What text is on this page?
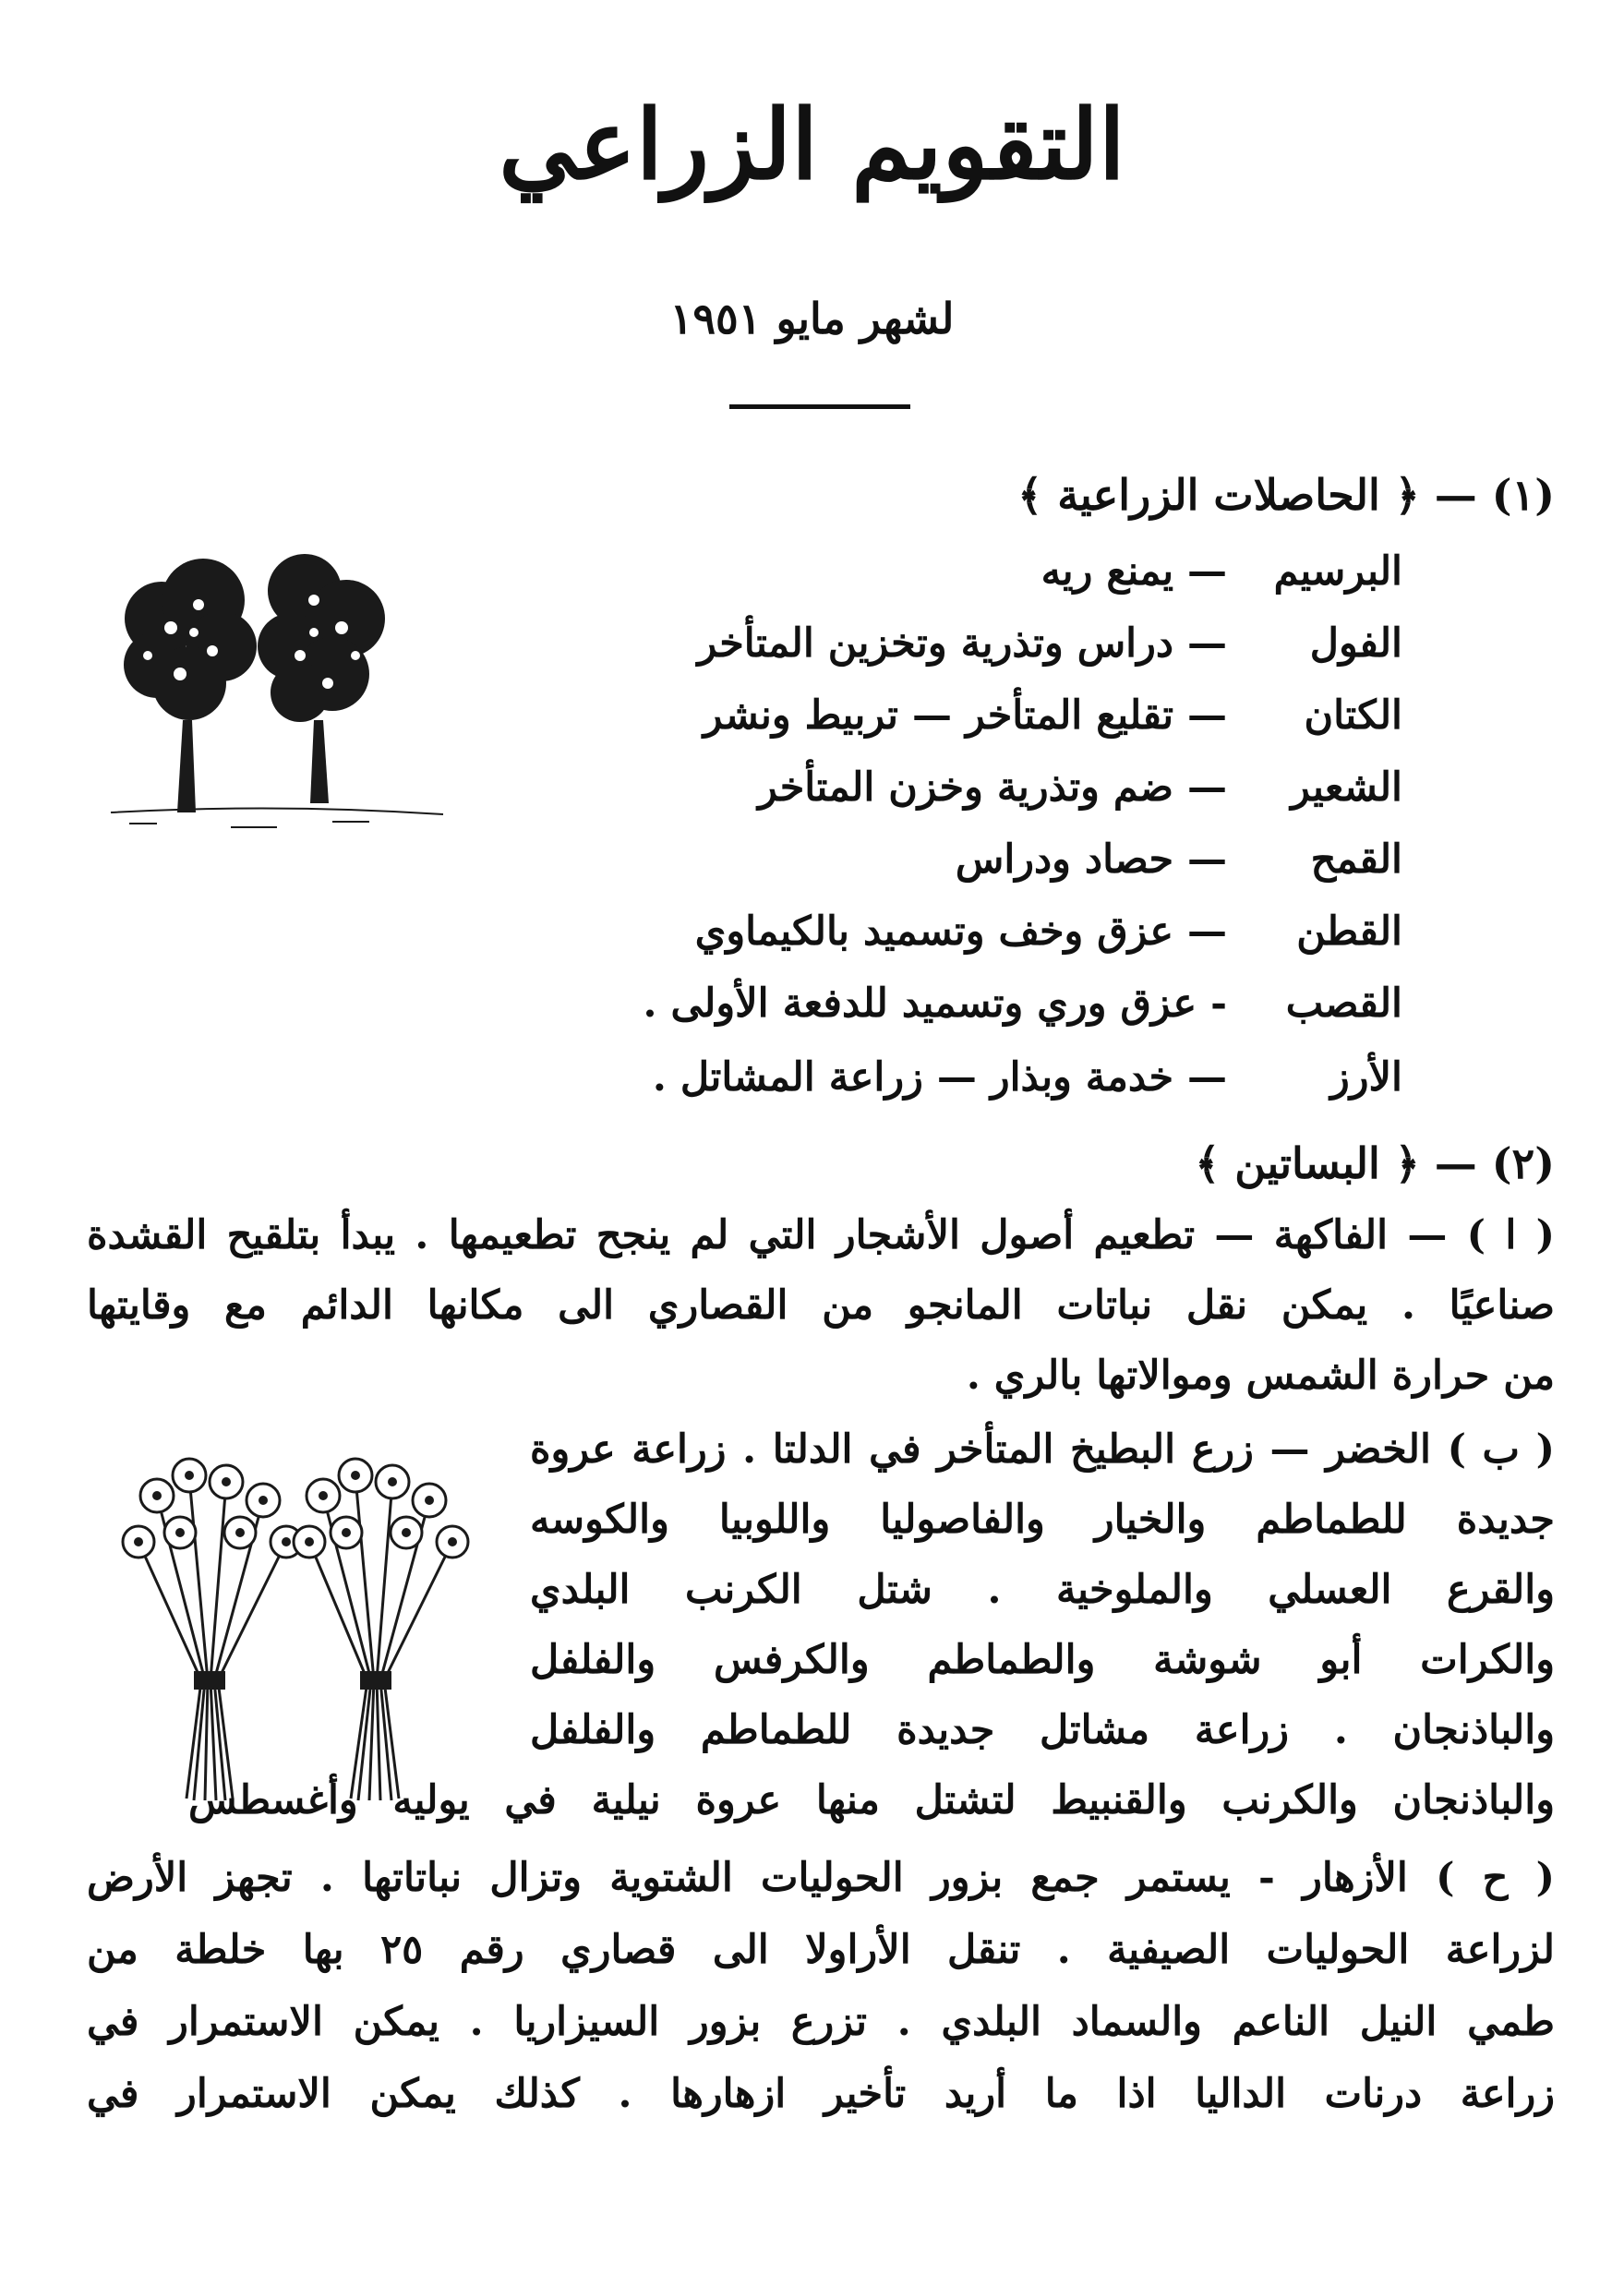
التقويم الزراعي
لشهر مايو ١٩٥١
(١) — ﴿ الحاصلات الزراعية ﴾
البرسيم — يمنع ريه
الفول — دراس وتذرية وتخزين المتأخر
الكتان — تقليع المتأخر — تربيط ونشر
الشعير — ضم وتذرية وخزن المتأخر
القمح — حصاد ودراس
القطن — عزق وخف وتسميد بالكيماوي
القصب - عزق وري وتسميد للدفعة الأولى .
الأرز — خدمة وبذار — زراعة المشاتل .
(٢) — ﴿ البساتين ﴾
( ا ) — الفاكهة — تطعيم أصول الأشجار التي لم ينجح تطعيمها . يبدأ بتلقيح القشدة
صناعيًا . يمكن نقل نباتات المانجو من القصاري الى مكانها الدائم مع وقايتها
من حرارة الشمس وموالاتها بالري .
( ب ) الخضر — زرع البطيخ المتأخر في الدلتا . زراعة عروة
جديدة للطماطم والخيار والفاصوليا واللوبيا والكوسه
والقرع العسلي والملوخية . شتل الكرنب البلدي
والكرات أبو شوشة والطماطم والكرفس والفلفل
والباذنجان . زراعة مشاتل جديدة للطماطم والفلفل
والباذنجان والكرنب والقنبيط لتشتل منها عروة نيلية في يوليه وأغسطس
( ح ) الأزهار - يستمر جمع بزور الحوليات الشتوية وتزال نباتاتها . تجهز الأرض
لزراعة الحوليات الصيفية . تنقل الأراولا الى قصاري رقم ٢٥ بها خلطة من
طمي النيل الناعم والسماد البلدي . تزرع بزور السيزاريا . يمكن الاستمرار في
زراعة درنات الداليا اذا ما أريد تأخير ازهارها . كذلك يمكن الاستمرار في
